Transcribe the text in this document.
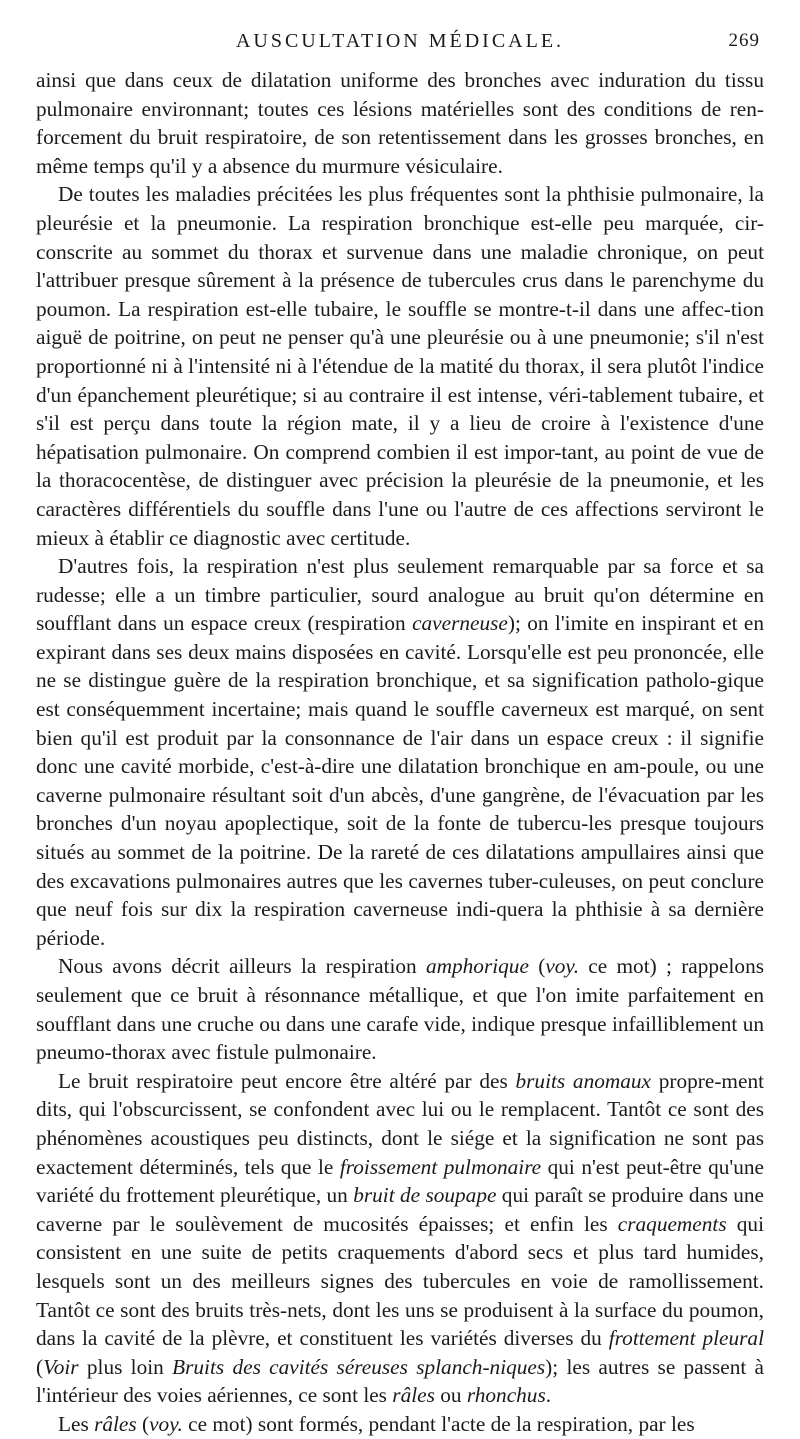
AUSCULTATION MÉDICALE.	269

ainsi que dans ceux de dilatation uniforme des bronches avec induration du tissu pulmonaire environnant; toutes ces lésions matérielles sont des conditions de ren-forcement du bruit respiratoire, de son retentissement dans les grosses bronches, en même temps qu'il y a absence du murmure vésiculaire.

De toutes les maladies précitées les plus fréquentes sont la phthisie pulmonaire, la pleurésie et la pneumonie. La respiration bronchique est-elle peu marquée, cir-conscrite au sommet du thorax et survenue dans une maladie chronique, on peut l'attribuer presque sûrement à la présence de tubercules crus dans le parenchyme du poumon. La respiration est-elle tubaire, le souffle se montre-t-il dans une affec-tion aiguë de poitrine, on peut ne penser qu'à une pleurésie ou à une pneumonie; s'il n'est proportionné ni à l'intensité ni à l'étendue de la matité du thorax, il sera plutôt l'indice d'un épanchement pleurétique; si au contraire il est intense, véri-tablement tubaire, et s'il est perçu dans toute la région mate, il y a lieu de croire à l'existence d'une hépatisation pulmonaire. On comprend combien il est impor-tant, au point de vue de la thoracocentèse, de distinguer avec précision la pleurésie de la pneumonie, et les caractères différentiels du souffle dans l'une ou l'autre de ces affections serviront le mieux à établir ce diagnostic avec certitude.

D'autres fois, la respiration n'est plus seulement remarquable par sa force et sa rudesse; elle a un timbre particulier, sourd analogue au bruit qu'on détermine en soufflant dans un espace creux (respiration caverneuse); on l'imite en inspirant et en expirant dans ses deux mains disposées en cavité. Lorsqu'elle est peu prononcée, elle ne se distingue guère de la respiration bronchique, et sa signification patholo-gique est conséquemment incertaine; mais quand le souffle caverneux est marqué, on sent bien qu'il est produit par la consonnance de l'air dans un espace creux : il signifie donc une cavité morbide, c'est-à-dire une dilatation bronchique en am-poule, ou une caverne pulmonaire résultant soit d'un abcès, d'une gangrène, de l'évacuation par les bronches d'un noyau apoplectique, soit de la fonte de tubercu-les presque toujours situés au sommet de la poitrine. De la rareté de ces dilatations ampullaires ainsi que des excavations pulmonaires autres que les cavernes tuber-culeuses, on peut conclure que neuf fois sur dix la respiration caverneuse indi-quera la phthisie à sa dernière période.

Nous avons décrit ailleurs la respiration amphorique (voy. ce mot) ; rappelons seulement que ce bruit à résonnance métallique, et que l'on imite parfaitement en soufflant dans une cruche ou dans une carafe vide, indique presque infailliblement un pneumo-thorax avec fistule pulmonaire.

Le bruit respiratoire peut encore être altéré par des bruits anomaux propre-ment dits, qui l'obscurcissent, se confondent avec lui ou le remplacent. Tantôt ce sont des phénomènes acoustiques peu distincts, dont le siége et la signification ne sont pas exactement déterminés, tels que le froissement pulmonaire qui n'est peut-être qu'une variété du frottement pleurétique, un bruit de soupape qui paraît se produire dans une caverne par le soulèvement de mucosités épaisses; et enfin les craquements qui consistent en une suite de petits craquements d'abord secs et plus tard humides, lesquels sont un des meilleurs signes des tubercules en voie de ramollissement. Tantôt ce sont des bruits très-nets, dont les uns se produisent à la surface du poumon, dans la cavité de la plèvre, et constituent les variétés diverses du frottement pleural (Voir plus loin Bruits des cavités séreuses splanch-niques); les autres se passent à l'intérieur des voies aériennes, ce sont les râles ou rhonchus.

Les râles (voy. ce mot) sont formés, pendant l'acte de la respiration, par les
